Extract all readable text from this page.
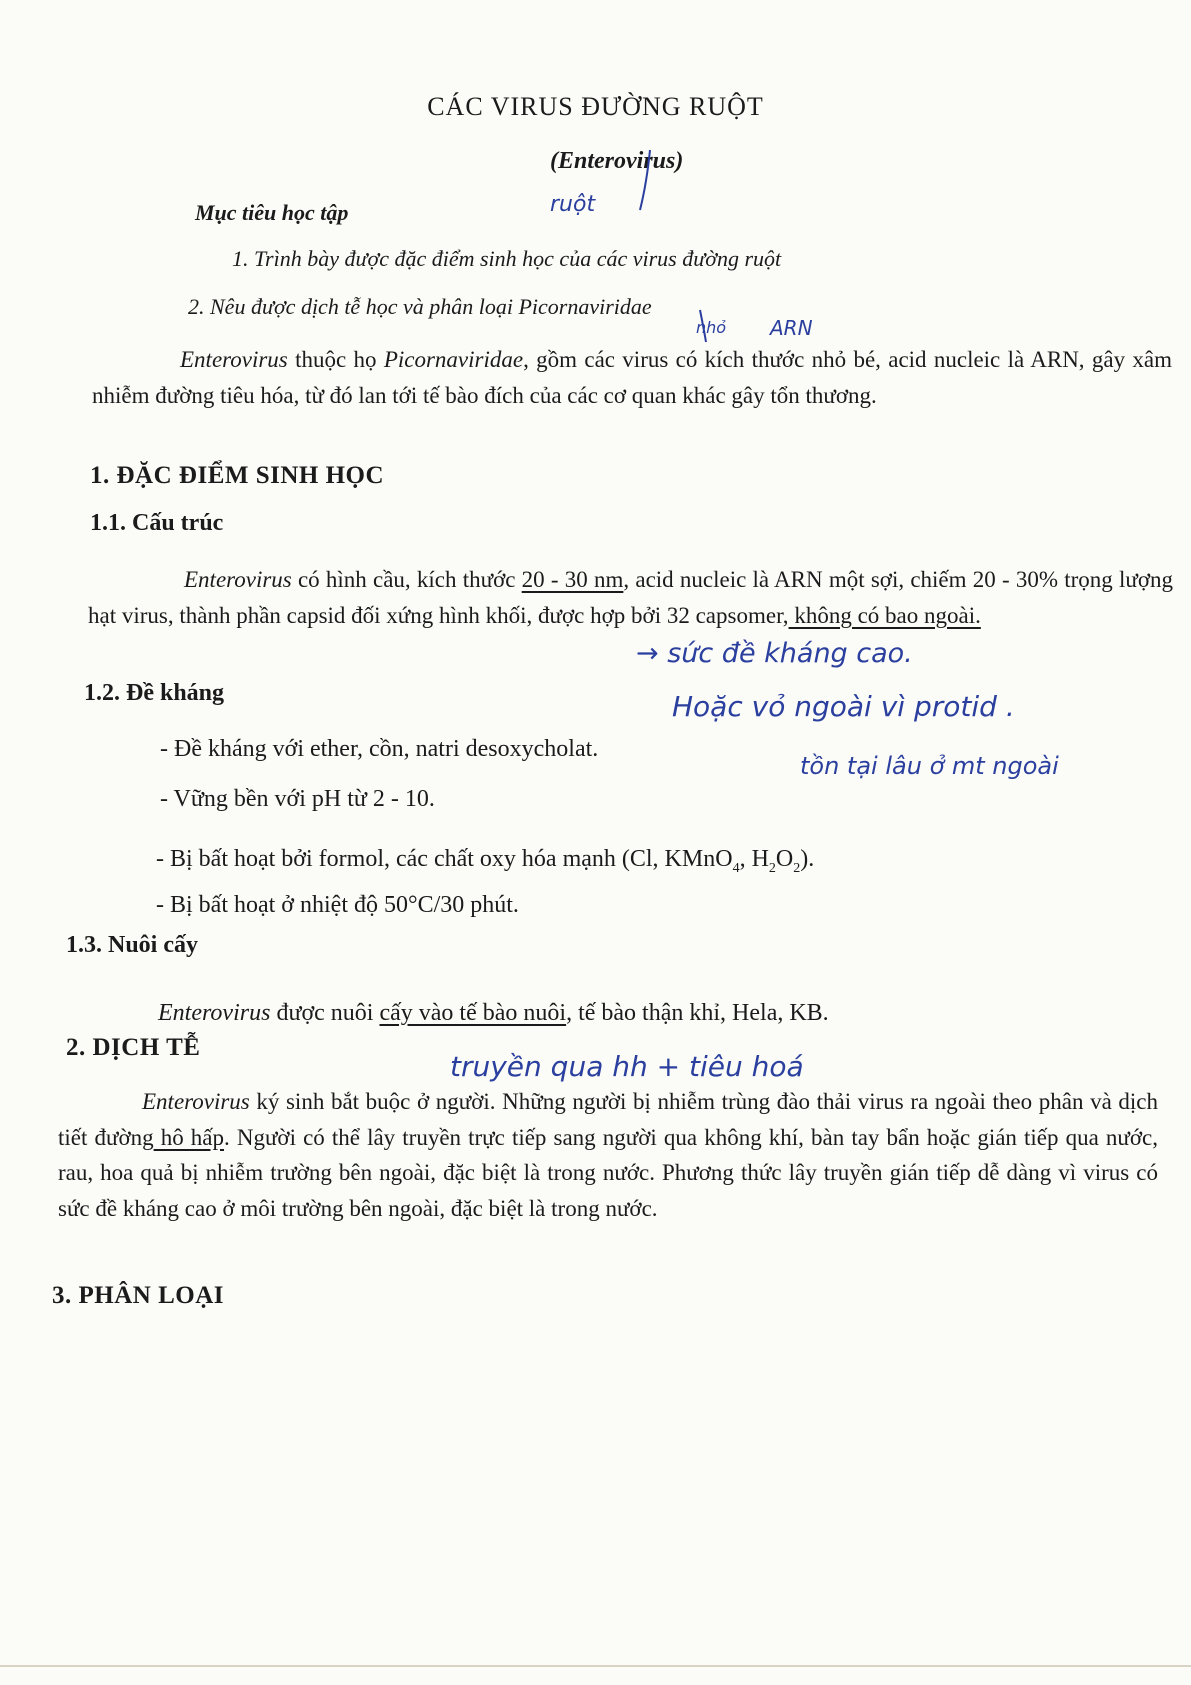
CÁC VIRUS ĐƯỜNG RUỘT
(Enterovirus)
Mục tiêu học tập
1. Trình bày được đặc điểm sinh học của các virus đường ruột
2. Nêu được dịch tễ học và phân loại Picornaviridae
Enterovirus thuộc họ Picornaviridae, gồm các virus có kích thước nhỏ bé, acid nucleic là ARN, gây xâm nhiễm đường tiêu hóa, từ đó lan tới tế bào đích của các cơ quan khác gây tổn thương.
1. ĐẶC ĐIỂM SINH HỌC
1.1. Cấu trúc
Enterovirus có hình cầu, kích thước 20 - 30 nm, acid nucleic là ARN một sợi, chiếm 20 - 30% trọng lượng hạt virus, thành phần capsid đối xứng hình khối, được hợp bởi 32 capsomer, không có bao ngoài.
1.2. Đề kháng
- Đề kháng với ether, cồn, natri desoxycholat.
- Vững bền với pH từ 2 - 10.
- Bị bất hoạt bởi formol, các chất oxy hóa mạnh (Cl, KMnO$_4$, $H_2O_2$).
- Bị bất hoạt ở nhiệt độ 50°C/30 phút.
1.3. Nuôi cấy
Enterovirus được nuôi cấy vào tế bào nuôi, tế bào thận khỉ, Hela, KB.
2. DỊCH TỄ
Enterovirus ký sinh bắt buộc ở người. Những người bị nhiễm trùng đào thải virus ra ngoài theo phân và dịch tiết đường hô hấp. Người có thể lây truyền trực tiếp sang người qua không khí, bàn tay bẩn hoặc gián tiếp qua nước, rau, hoa quả bị nhiễm trường bên ngoài, đặc biệt là trong nước. Phương thức lây truyền gián tiếp dễ dàng vì virus có sức đề kháng cao ở môi trường bên ngoài, đặc biệt là trong nước.
3. PHÂN LOẠI
ruột
nhỏ ARN
→ sức đề kháng cao.
Hoặc vỏ ngoài vì protid .
tồn tại lâu ở mt ngoài
truyền qua hh + tiêu hoá
